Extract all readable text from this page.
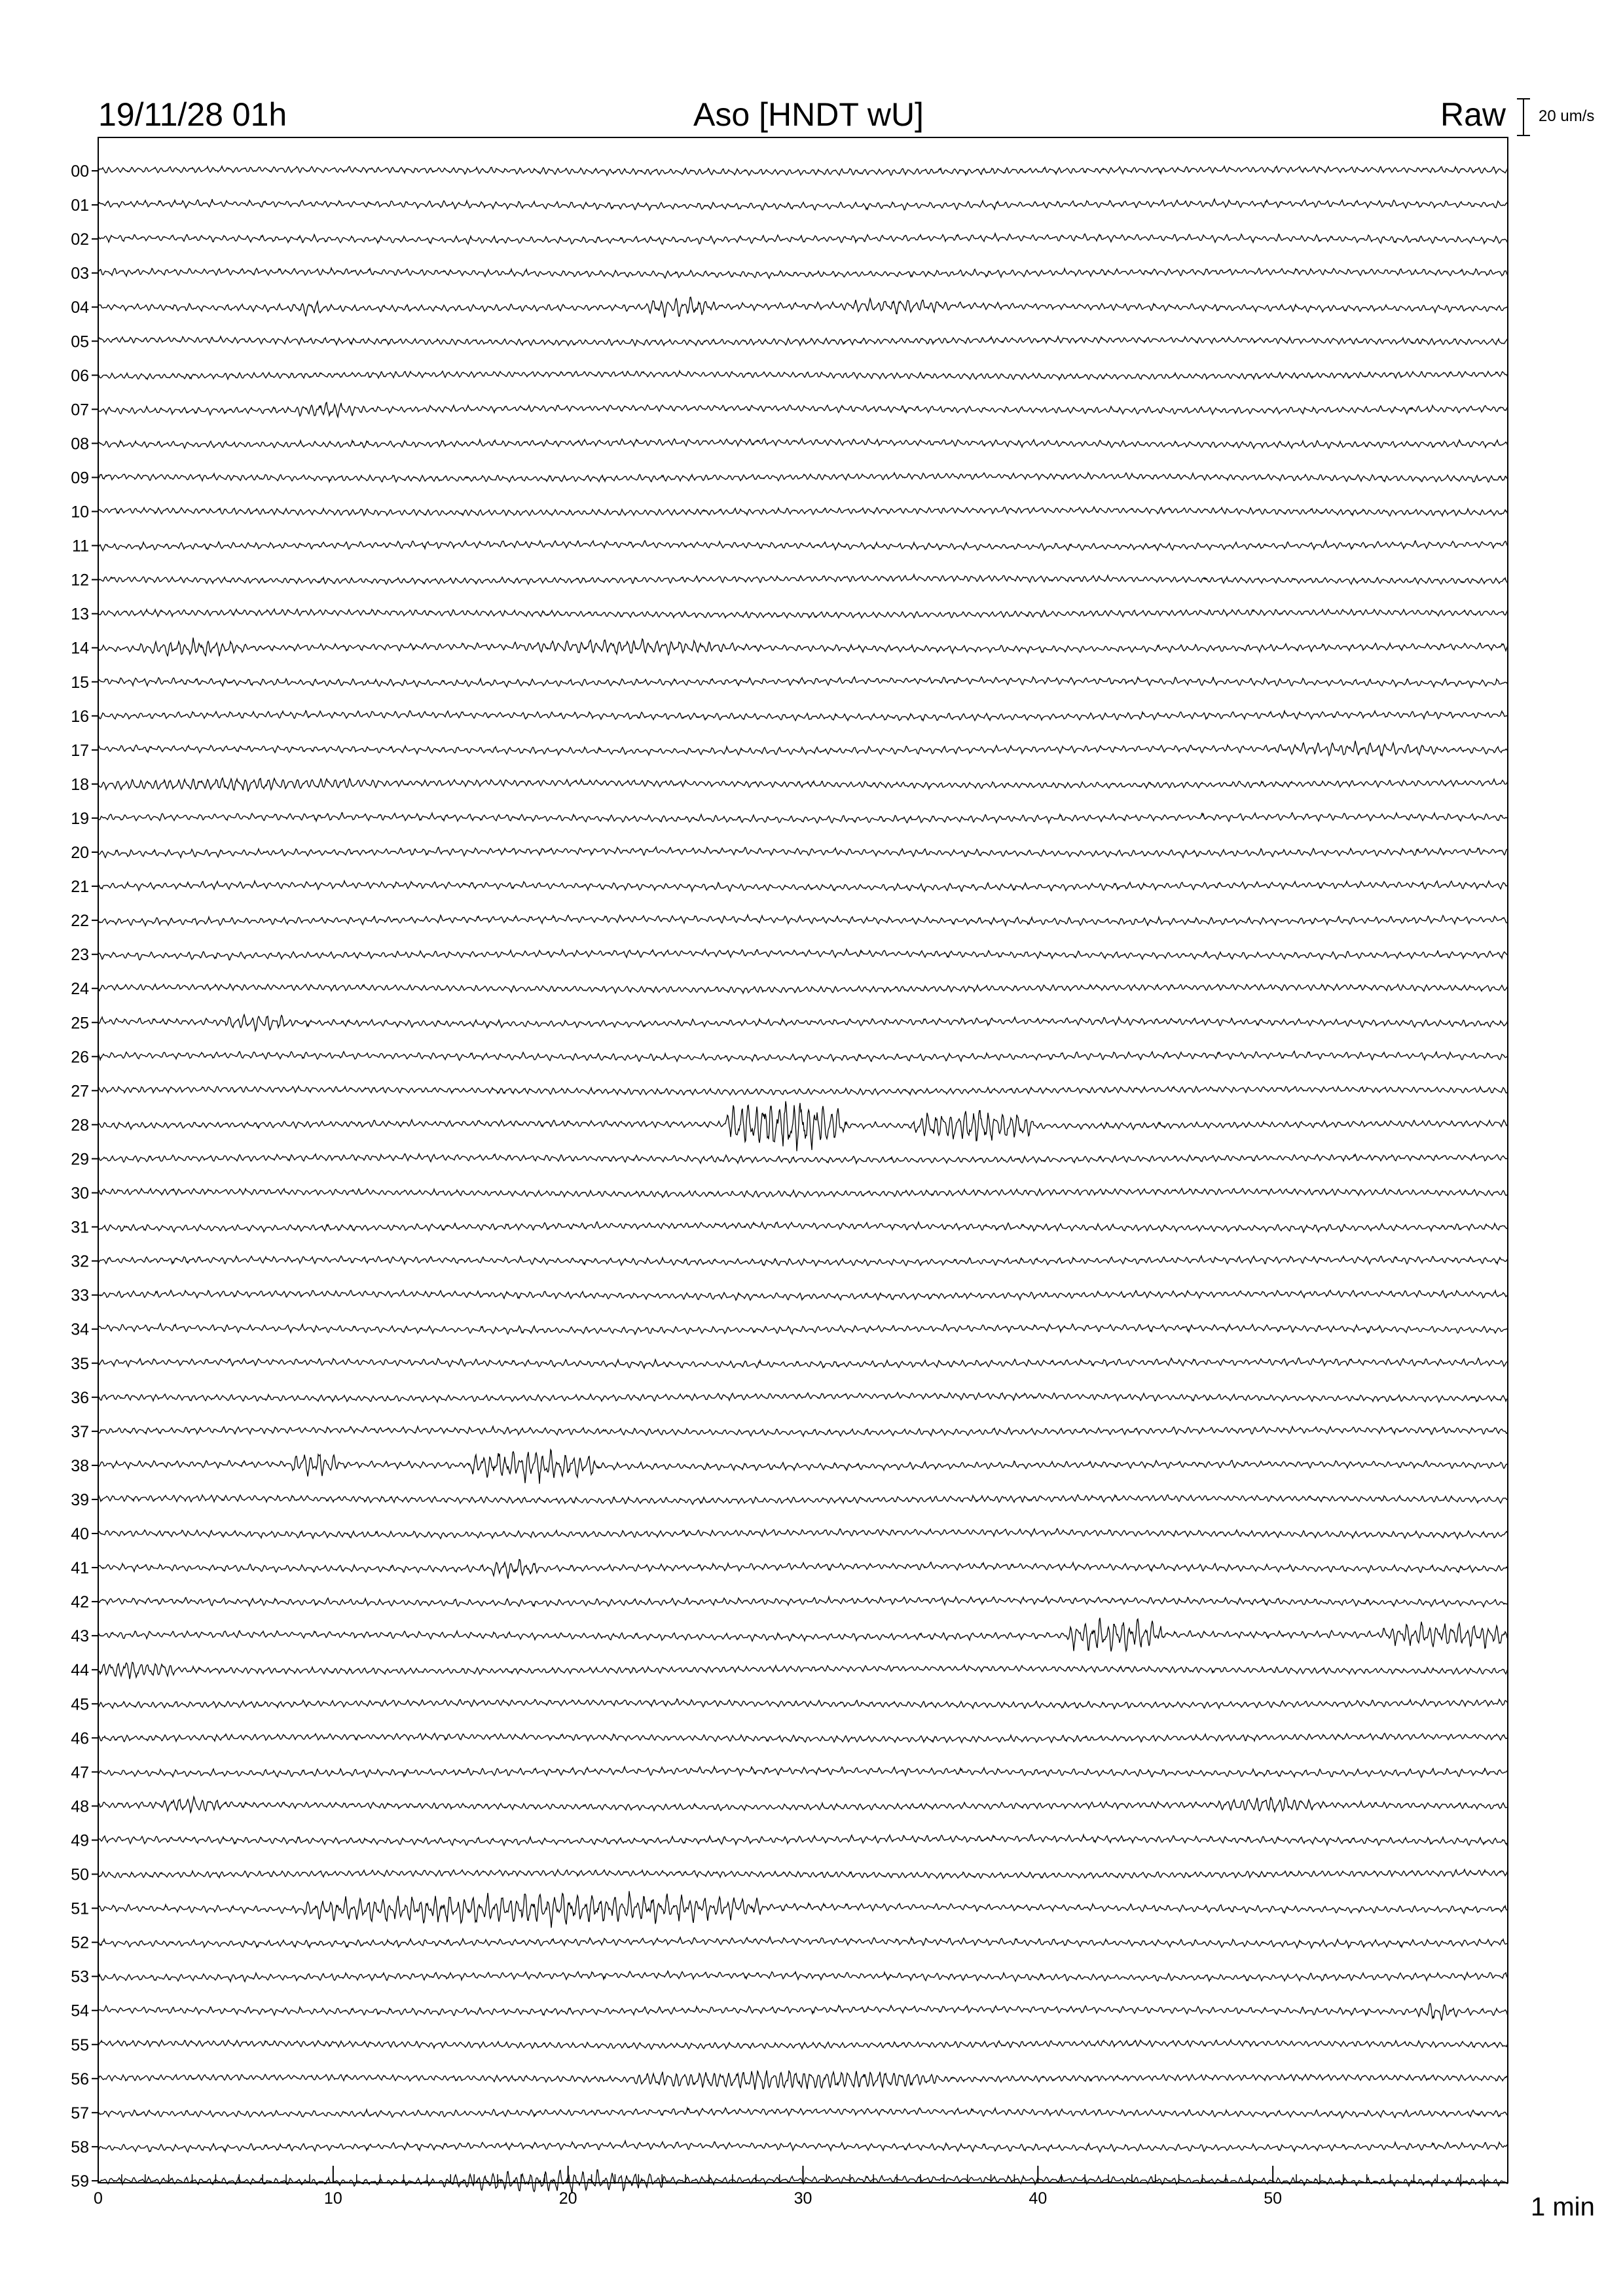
19/11/28 01h	Aso [HNDT wU]	Raw 20 um/s
00
01
02
03
04
05
06
07
08
09
10
11
12
13
14
15
16
17
18
19
20
21
22
23
24
25
26
27
28
29
30
31
32
33
34
35
36
37
38
39
40
41
42
43
44
45
46
47
48
49
50
51
52
53
54
55
56
57
58
59
0	10	20	30	40	50	1 min
